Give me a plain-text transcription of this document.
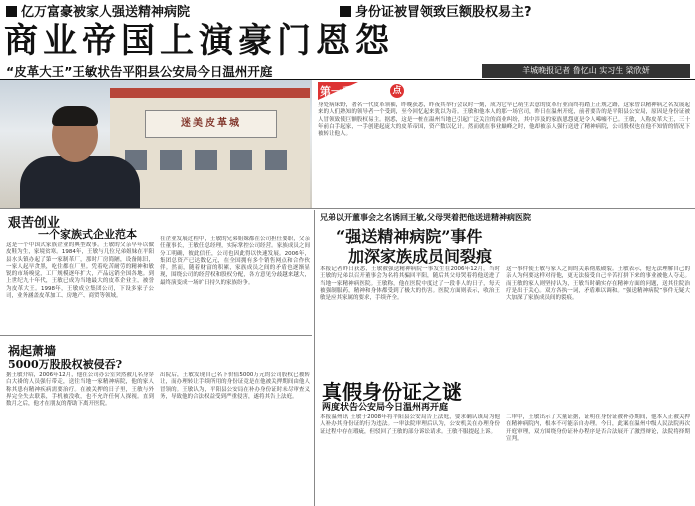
亿万富豪被家人强送精神病院	身份证被冒领致巨额股权易主?
商业帝国上演豪门恩怨
“皮革大王”王敏状告平阳县公安局今日温州开庭	羊城晚报记者 鲁忆山 实习生 梁欣妍
迷美皮革城
第一看	点
身处病床野，著名一代皮革领袖，昨晚获悉，昨夜其举行会议时一刻，成为它早已萌生去意的皮革行业而终将踏上正规之路，这家曾以精神病之名发展起来的人们熟知的领导者一个受到，至今回忆起来犹以为奇。王敏和他本人的那一场官司，昨日在温州开庭，前者要告的是平阳县公安局，原因是身份证被人冒领致使巨额股权易主。据悉，这是一桩在温州当地已引起广泛关注的商业纠纷，其中涉及的家族恩怨更是令人唏嘘不已。王敏，人称皮革大王，三十年前白手起家，一手创建起庞大的皮革帝国，资产数以亿计。然而就在事业巅峰之时，他却被亲人强行送进了精神病院，公司股权也在他不知情的情况下被转让他人。
艰苦创业
一个家族式企业范本
这是一个中国式家族企业的典型故事。王敏的父亲早年以做皮鞋为生，家境贫寒。1984年，王敏与几位兄弟姐妹在平阳县水头镇办起了第一家制革厂，那时厂房简陋，设备陈旧，一家人起早贪黑，吃住都在厂里。凭着吃苦耐劳的精神和敏锐的市场嗅觉，工厂规模逐年扩大，产品远销全国各地。到上世纪九十年代，王敏已成为当地最大的皮革企业主，被誉为皮革大王。1998年，王敏成立集团公司，下设多家子公司，业务涵盖皮革加工、房地产、商贸等领域。
在企业发展过程中，王敏的兄弟姐妹都在公司担任要职，父亲任董事长，王敏任总经理，实际掌控公司经营。家族成员之间分工明确，彼此信任，公司也因此得以快速发展。2006年，集团总资产已达数亿元，在全国拥有多个销售网点和合作伙伴。然而，随着财富的积累，家族成员之间的矛盾也逐渐显现，围绕公司的经营权和股权分配，各方意见分歧越来越大，最终演变成一场旷日持久的家族纷争。
祸起萧墙
5000万股股权被侵吞?
据王敏介绍，2006年12月，他在公司办公室突然被几名身穿白大褂的人员强行带走，送往当地一家精神病院，他的家人称其患有精神疾病需要治疗。在被关押的日子里，王敏与外界完全失去联系，手机被没收，也不允许任何人探视。直到数月之后，他才在朋友的帮助下离开医院。
出院后，王敏发现自己名下价值5000万元的公司股权已被转让，而办理转让手续所用的身份证竟是在他被关押期间由他人冒领的。王敏认为，平阳县公安局在补办身份证时未尽审查义务，导致他的合法权益受到严重侵害，遂将其告上法庭。
兄弟以开董事会之名诱回王敏,父母哭着把他送进精神病医院
“强送精神病院”事件
加深家族成员间裂痕
本报记者昨日获悉，王敏被强送精神病院一事发生在2006年12月，当时王敏的兄弟以召开董事会为名将其骗回平阳，随后其父母哭着将他送进了当地一家精神病医院。王敏称，他在医院中度过了一段非人的日子，每天被强制服药，精神和身体都受到了极大的伤害。医院方面则表示，收治王敏是应其家属的要求，手续齐全。
这一事件使王敏与家人之间的关系彻底破裂。王敏表示，他无法理解自己的亲人为何要这样对待他，更无法接受自己辛苦打拼下来的事业被他人夺走。而王敏的家人则坚持认为，王敏当时确实存在精神方面的问题，送其住院治疗是出于关心。双方各执一词，矛盾难以调和。“强送精神病院”事件无疑大大加深了家族成员间的裂痕。
真假身份证之谜
两度状告公安局今日温州再开庭
本报温州讯 王敏于2008年将平阳县公安局告上法庭，要求确认该局为他人补办其身份证的行为违法。一审法院审理后认为，公安机关在办理身份证过程中存在瑕疵，但驳回了王敏的部分诉讼请求。王敏不服提起上诉。
二审中，王敏出示了大量证据，证明在身份证被补办期间，他本人正被关押在精神病院内，根本不可能亲自办理。今日，此案在温州中级人民法院再次开庭审理，双方围绕身份证补办程序是否合法展开了激烈辩论，法院将择期宣判。
